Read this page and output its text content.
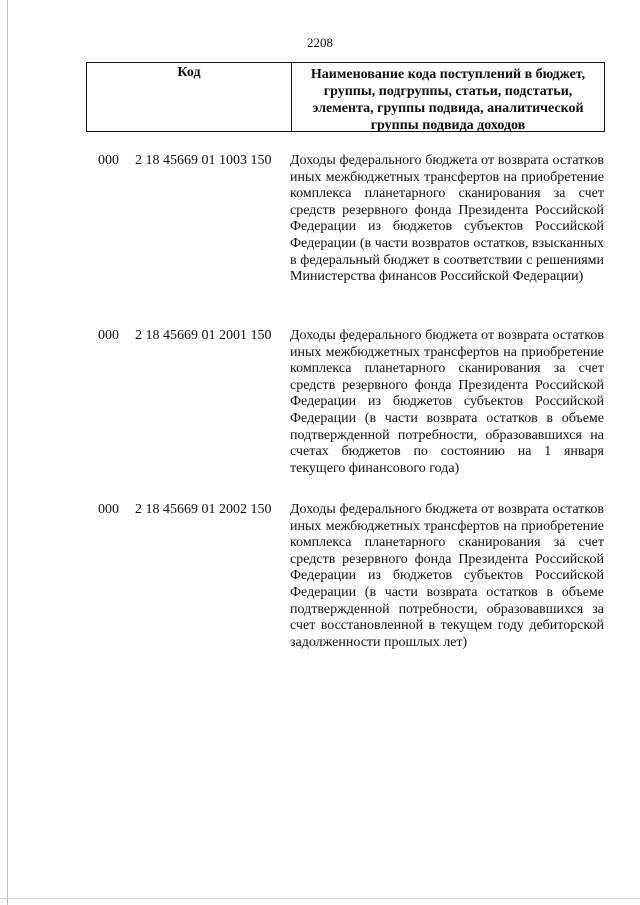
2208
Код	Наименование кода поступлений в бюджет, группы, подгруппы, статьи, подстатьи, элемента, группы подвида, аналитической группы подвида доходов
000 2 18 45669 01 1003 150 Доходы федерального бюджета от возврата остатков иных межбюджетных трансфертов на приобретение комплекса планетарного сканирования за счет средств резервного фонда Президента Российской Федерации из бюджетов субъектов Российской Федерации (в части возвратов остатков, взысканных в федеральный бюджет в соответствии с решениями Министерства финансов Российской Федерации)
000 2 18 45669 01 2001 150 Доходы федерального бюджета от возврата остатков иных межбюджетных трансфертов на приобретение комплекса планетарного сканирования за счет средств резервного фонда Президента Российской Федерации из бюджетов субъектов Российской Федерации (в части возврата остатков в объеме подтвержденной потребности, образовавшихся на счетах бюджетов по состоянию на 1 января текущего финансового года)
000 2 18 45669 01 2002 150 Доходы федерального бюджета от возврата остатков иных межбюджетных трансфертов на приобретение комплекса планетарного сканирования за счет средств резервного фонда Президента Российской Федерации из бюджетов субъектов Российской Федерации (в части возврата остатков в объеме подтвержденной потребности, образовавшихся за счет восстановленной в текущем году дебиторской задолженности прошлых лет)
